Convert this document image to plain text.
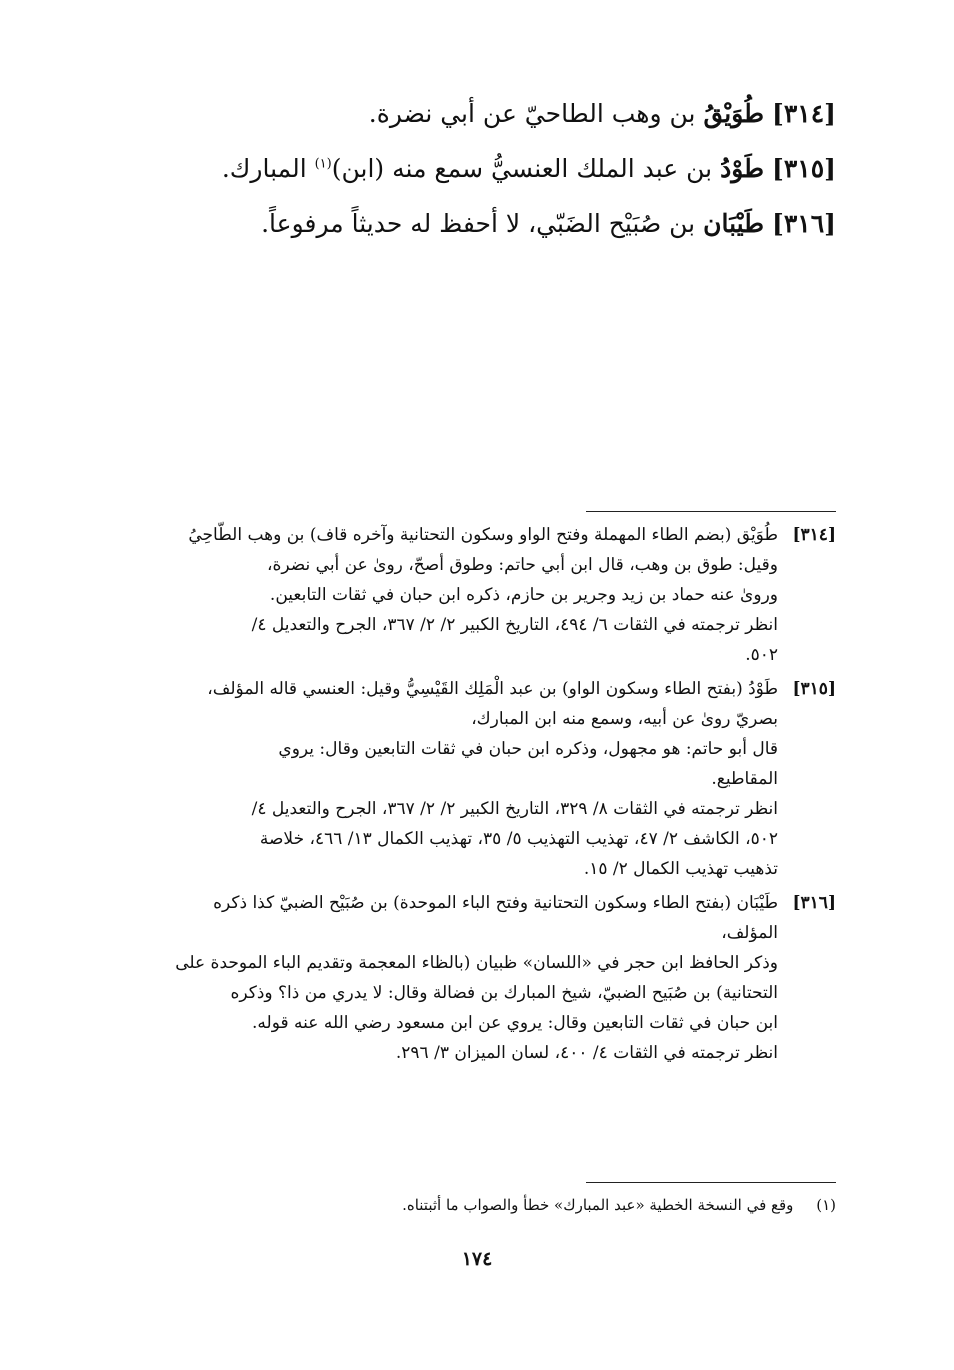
[٣١٤] طُوَيْقُ بن وهب الطاحيّ عن أبي نضرة.
[٣١٥] طَوْدُ بن عبد الملك العنسيُّ سمع منه (ابن)$^{(١)}$ المبارك.
[٣١٦] طَيْبَان بن صُبَيْح الضَبّي، لا أحفظ له حديثاً مرفوعاً.
[٣١٤]
طُوَيْق (بضم الطاء المهملة وفتح الواو وسكون التحتانية وآخره قاف) بن وهب الطّاحِيُ
وقيل: طوق بن وهب، قال ابن أبي حاتم: وطوق أصحّ، روىٰ عن أبي نضرة،
وروىٰ عنه حماد بن زيد وجرير بن حازم، ذكره ابن حبان في ثقات التابعين.
انظر ترجمته في الثقات ٦/ ٤٩٤، التاريخ الكبير ٢/ ٢/ ٣٦٧، الجرح والتعديل ٤/
٥٠٢.
[٣١٥]
طَوْدُ (بفتح الطاء وسكون الواو) بن عبد الْمَلِك القَيْسِيُّ وقيل: العنسي قاله المؤلف،
بصريّ روىٰ عن أبيه، وسمع منه ابن المبارك،
قال أبو حاتم: هو مجهول، وذكره ابن حبان في ثقات التابعين وقال: يروي
المقاطيع.
انظر ترجمته في الثقات ٨/ ٣٢٩، التاريخ الكبير ٢/ ٢/ ٣٦٧، الجرح والتعديل ٤/
٥٠٢، الكاشف ٢/ ٤٧، تهذيب التهذيب ٥/ ٣٥، تهذيب الكمال ١٣/ ٤٦٦، خلاصة
تذهيب تهذيب الكمال ٢/ ١٥.
[٣١٦]
طَيْبَان (بفتح الطاء وسكون التحتانية وفتح الباء الموحدة) بن صُبَيْح الضبيّ كذا ذكره
المؤلف،
وذكر الحافظ ابن حجر في «اللسان» ظبيان (بالظاء المعجمة وتقديم الباء الموحدة على
التحتانية) بن صُبَيح الضبيّ، شيخ المبارك بن فضالة وقال: لا يدري من ذا؟ وذكره
ابن حبان في ثقات التابعين وقال: يروي عن ابن مسعود رضي الله عنه قوله.
انظر ترجمته في الثقات ٤/ ٤٠٠، لسان الميزان ٣/ ٢٩٦.
(١) وقع في النسخة الخطية «عبد المبارك» خطأ والصواب ما أثبتناه.
١٧٤
